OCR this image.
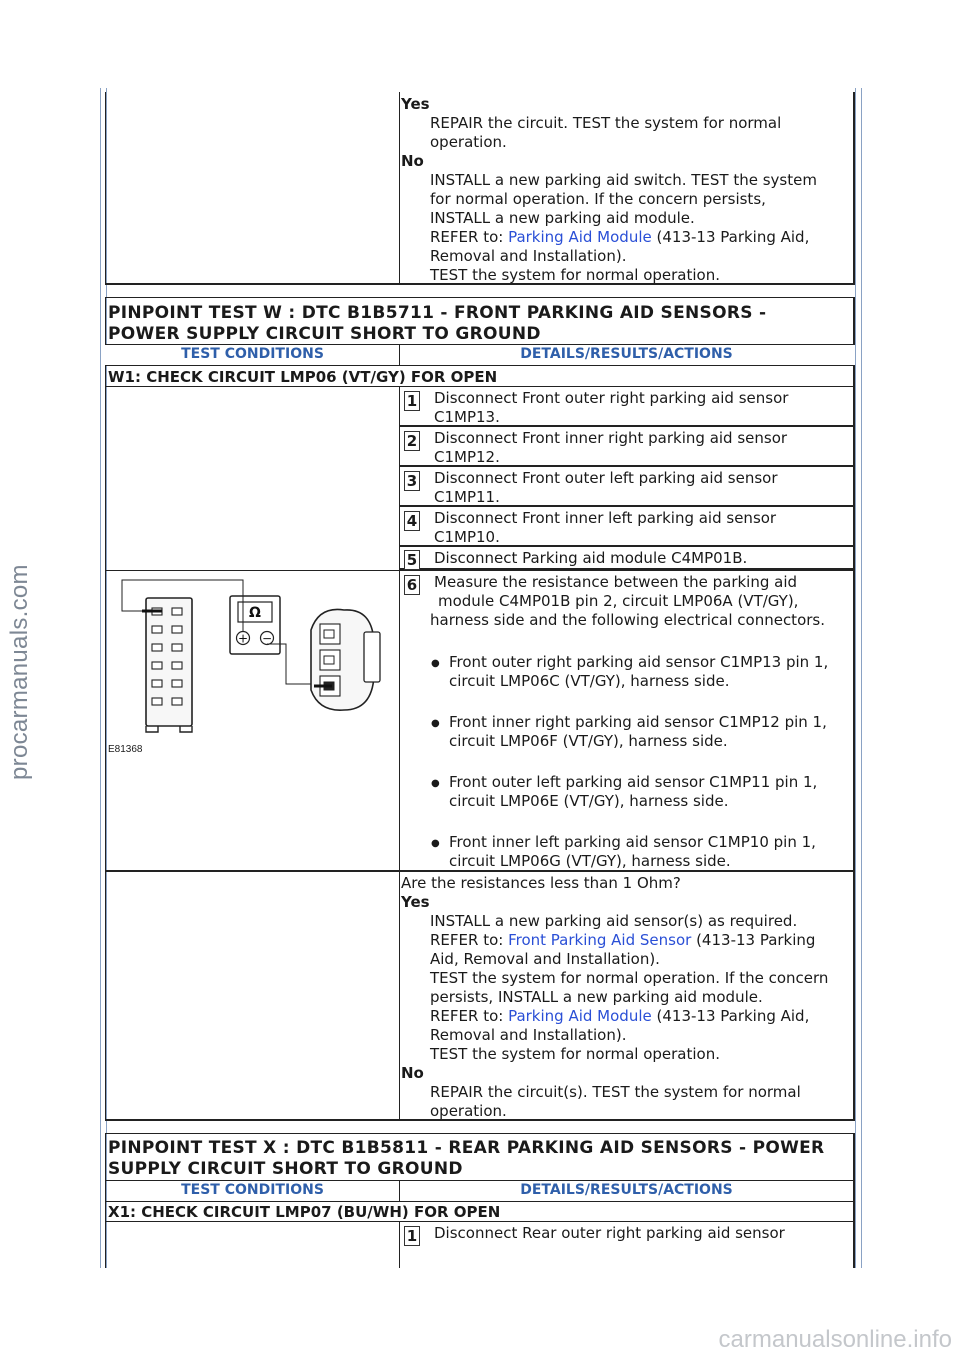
procarmanuals.com
carmanualsonline.info
Yes
REPAIR the circuit. TEST the system for normal
operation.
No
INSTALL a new parking aid switch. TEST the system
for normal operation. If the concern persists,
INSTALL a new parking aid module.
REFER to: Parking Aid Module (413-13 Parking Aid,
Removal and Installation).
TEST the system for normal operation.
PINPOINT TEST W : DTC B1B5711 - FRONT PARKING AID SENSORS -
POWER SUPPLY CIRCUIT SHORT TO GROUND
TEST CONDITIONS	DETAILS/RESULTS/ACTIONS
W1: CHECK CIRCUIT LMP06 (VT/GY) FOR OPEN
1 Disconnect Front outer right parking aid sensor
C1MP13.
2 Disconnect Front inner right parking aid sensor
C1MP12.
3 Disconnect Front outer left parking aid sensor
C1MP11.
4 Disconnect Front inner left parking aid sensor
C1MP10.
5 Disconnect Parking aid module C4MP01B.
6 Measure the resistance between the parking aid
module C4MP01B pin 2, circuit LMP06A (VT/GY),
harness side and the following electrical connectors.
● Front outer right parking aid sensor C1MP13 pin 1,
circuit LMP06C (VT/GY), harness side.
● Front inner right parking aid sensor C1MP12 pin 1,
circuit LMP06F (VT/GY), harness side.
● Front outer left parking aid sensor C1MP11 pin 1,
circuit LMP06E (VT/GY), harness side.
● Front inner left parking aid sensor C1MP10 pin 1,
circuit LMP06G (VT/GY), harness side.
Ω
+ −
E81368
Are the resistances less than 1 Ohm?
Yes
INSTALL a new parking aid sensor(s) as required.
REFER to: Front Parking Aid Sensor (413-13 Parking
Aid, Removal and Installation).
TEST the system for normal operation. If the concern
persists, INSTALL a new parking aid module.
REFER to: Parking Aid Module (413-13 Parking Aid,
Removal and Installation).
TEST the system for normal operation.
No
REPAIR the circuit(s). TEST the system for normal
operation.
PINPOINT TEST X : DTC B1B5811 - REAR PARKING AID SENSORS - POWER
SUPPLY CIRCUIT SHORT TO GROUND
TEST CONDITIONS	DETAILS/RESULTS/ACTIONS
X1: CHECK CIRCUIT LMP07 (BU/WH) FOR OPEN
1 Disconnect Rear outer right parking aid sensor
